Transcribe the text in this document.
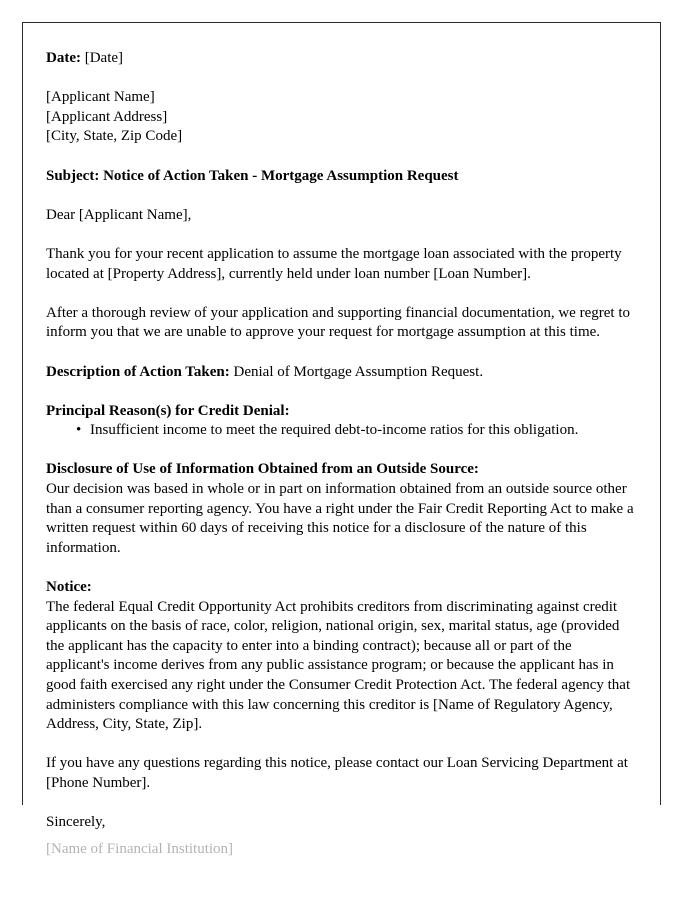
Date: [Date]
[Applicant Name]
[Applicant Address]
[City, State, Zip Code]
Subject: Notice of Action Taken - Mortgage Assumption Request
Dear [Applicant Name],
Thank you for your recent application to assume the mortgage loan associated with the property located at [Property Address], currently held under loan number [Loan Number].
After a thorough review of your application and supporting financial documentation, we regret to inform you that we are unable to approve your request for mortgage assumption at this time.
Description of Action Taken: Denial of Mortgage Assumption Request.
Principal Reason(s) for Credit Denial:
• Insufficient income to meet the required debt-to-income ratios for this obligation.
Disclosure of Use of Information Obtained from an Outside Source:
Our decision was based in whole or in part on information obtained from an outside source other than a consumer reporting agency. You have a right under the Fair Credit Reporting Act to make a written request within 60 days of receiving this notice for a disclosure of the nature of this information.
Notice:
The federal Equal Credit Opportunity Act prohibits creditors from discriminating against credit applicants on the basis of race, color, religion, national origin, sex, marital status, age (provided the applicant has the capacity to enter into a binding contract); because all or part of the applicant's income derives from any public assistance program; or because the applicant has in good faith exercised any right under the Consumer Credit Protection Act. The federal agency that administers compliance with this law concerning this creditor is [Name of Regulatory Agency, Address, City, State, Zip].
If you have any questions regarding this notice, please contact our Loan Servicing Department at [Phone Number].
Sincerely,
[Name of Financial Institution]
